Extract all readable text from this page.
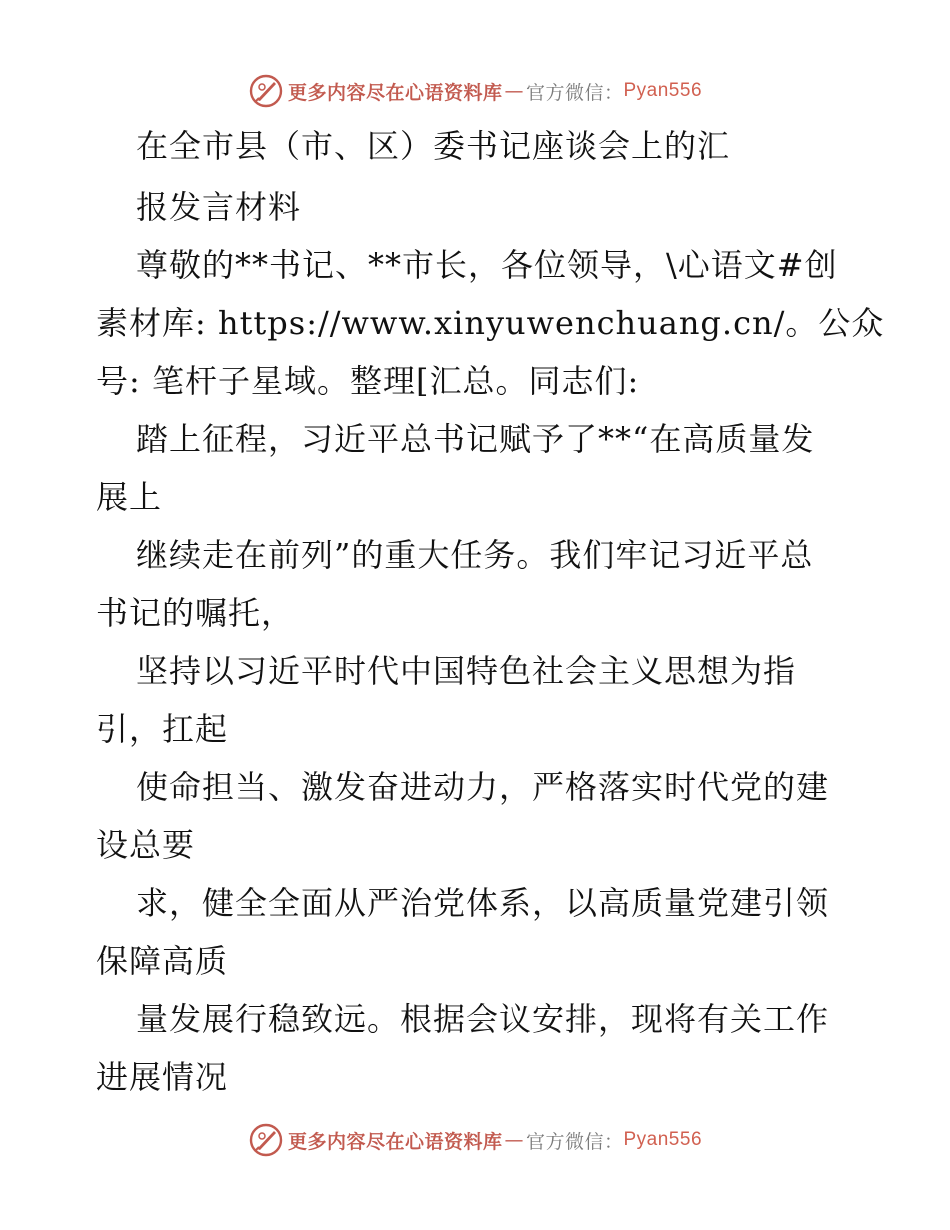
更多内容尽在心语资料库 — 官方微信： Pyan556
在全市县（市、区）委书记座谈会上的汇
报发言材料
尊敬的**书记、**市长，各位领导，\心语文#创
素材库: https://www.xinyuwenchuang.cn/。公众
号: 笔杆子星域。整理[汇总。同志们:
踏上征程，习近平总书记赋予了**“在高质量发
展上
继续走在前列”的重大任务。我们牢记习近平总
书记的嘱托，
坚持以习近平时代中国特色社会主义思想为指
引，扛起
使命担当、激发奋进动力，严格落实时代党的建
设总要
求，健全全面从严治党体系，以高质量党建引领
保障高质
量发展行稳致远。根据会议安排，现将有关工作
进展情况
更多内容尽在心语资料库 — 官方微信： Pyan556
